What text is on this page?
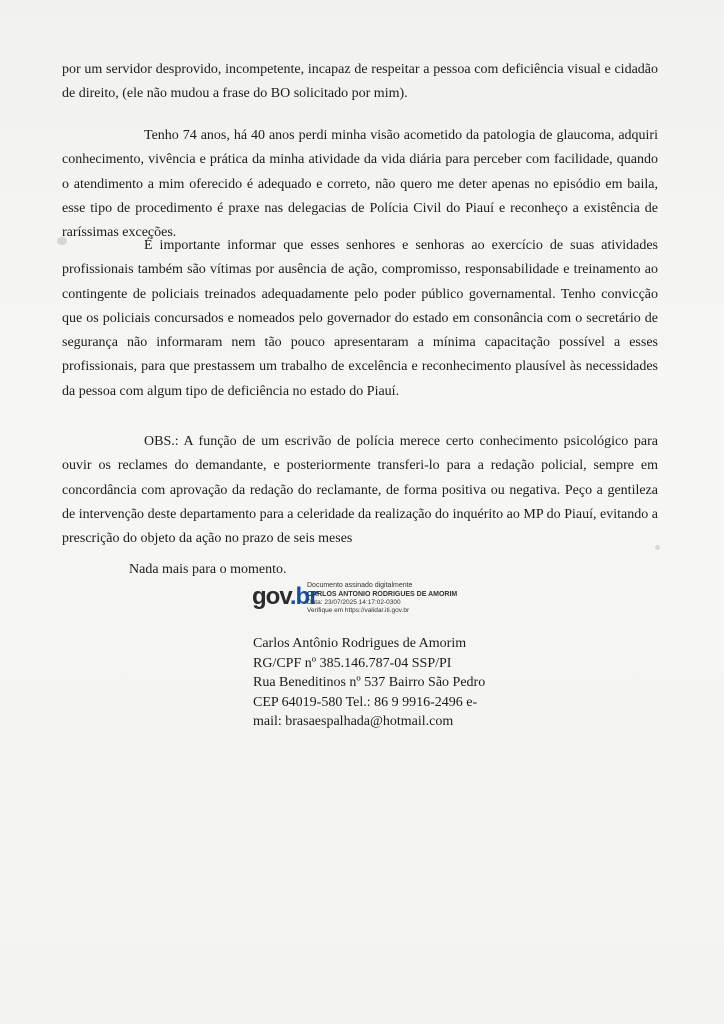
por um servidor desprovido, incompetente, incapaz de respeitar a pessoa com deficiência visual e cidadão de direito, (ele não mudou a frase do BO solicitado por mim).

Tenho 74 anos, há 40 anos perdi minha visão acometido da patologia de glaucoma, adquiri conhecimento, vivência e prática da minha atividade da vida diária para perceber com facilidade, quando o atendimento a mim oferecido é adequado e correto, não quero me deter apenas no episódio em baila, esse tipo de procedimento é praxe nas delegacias de Polícia Civil do Piauí e reconheço a existência de raríssimas exceções.

É importante informar que esses senhores e senhoras ao exercício de suas atividades profissionais também são vítimas por ausência de ação, compromisso, responsabilidade e treinamento ao contingente de policiais treinados adequadamente pelo poder público governamental. Tenho convicção que os policiais concursados e nomeados pelo governador do estado em consonância com o secretário de segurança não informaram nem tão pouco apresentaram a mínima capacitação possível a esses profissionais, para que prestassem um trabalho de excelência e reconhecimento plausível às necessidades da pessoa com algum tipo de deficiência no estado do Piauí.

OBS.: A função de um escrivão de polícia merece certo conhecimento psicológico para ouvir os reclames do demandante, e posteriormente transferi-lo para a redação policial, sempre em concordância com aprovação da redação do reclamante, de forma positiva ou negativa. Peço a gentileza de intervenção deste departamento para a celeridade da realização do inquérito ao MP do Piauí, evitando a prescrição do objeto da ação no prazo de seis meses

Nada mais para o momento.

gov.br
Documento assinado digitalmente
CARLOS ANTONIO RODRIGUES DE AMORIM
Data: 23/07/2025 14:17:02-0300
Verifique em https://validar.iti.gov.br
Carlos Antônio Rodrigues de Amorim
RG/CPF nº 385.146.787-04 SSP/PI
Rua Beneditinos nº 537 Bairro São Pedro
CEP 64019-580 Tel.: 86 9 9916-2496 e-
mail: brasaespalhada@hotmail.com
